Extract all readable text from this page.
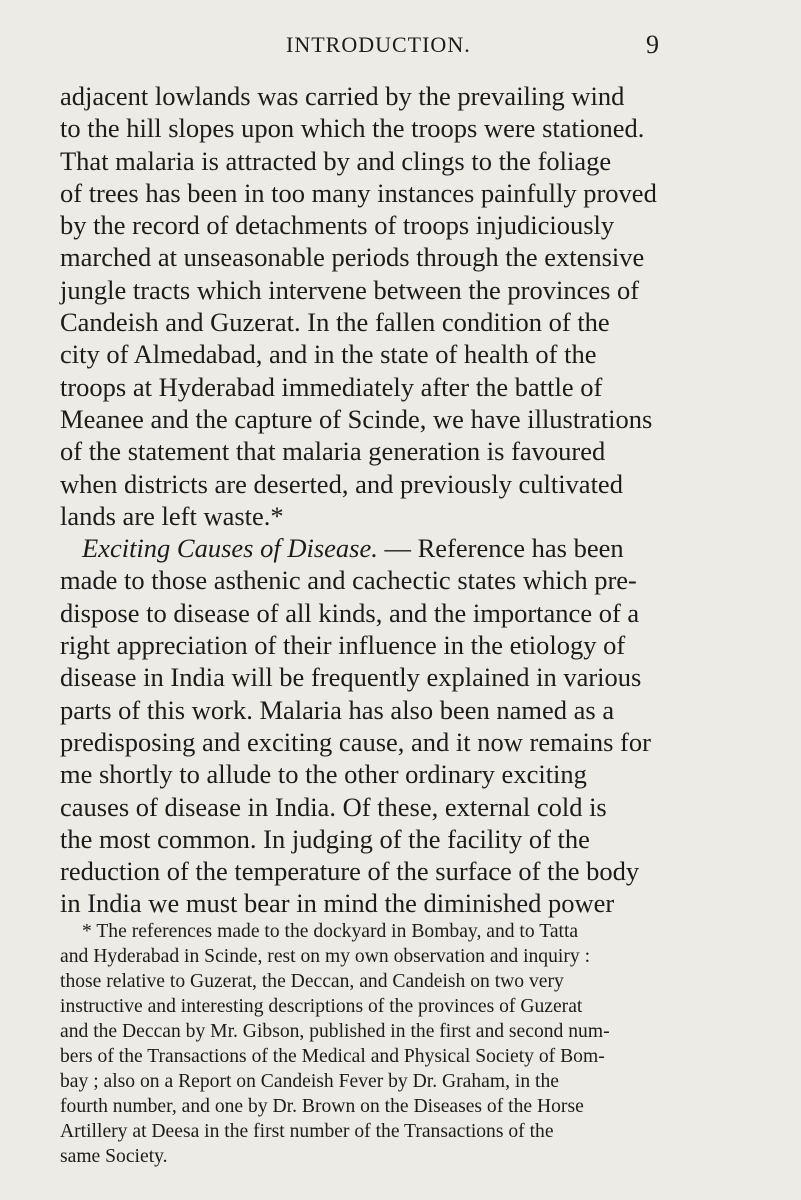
INTRODUCTION.	9
adjacent lowlands was carried by the prevailing wind
to the hill slopes upon which the troops were stationed.
That malaria is attracted by and clings to the foliage
of trees has been in too many instances painfully proved
by the record of detachments of troops injudiciously
marched at unseasonable periods through the extensive
jungle tracts which intervene between the provinces of
Candeish and Guzerat. In the fallen condition of the
city of Almedabad, and in the state of health of the
troops at Hyderabad immediately after the battle of
Meanee and the capture of Scinde, we have illustrations
of the statement that malaria generation is favoured
when districts are deserted, and previously cultivated
lands are left waste.*
Exciting Causes of Disease. — Reference has been
made to those asthenic and cachectic states which pre-
dispose to disease of all kinds, and the importance of a
right appreciation of their influence in the etiology of
disease in India will be frequently explained in various
parts of this work. Malaria has also been named as a
predisposing and exciting cause, and it now remains for
me shortly to allude to the other ordinary exciting
causes of disease in India. Of these, external cold is
the most common. In judging of the facility of the
reduction of the temperature of the surface of the body
in India we must bear in mind the diminished power
* The references made to the dockyard in Bombay, and to Tatta
and Hyderabad in Scinde, rest on my own observation and inquiry :
those relative to Guzerat, the Deccan, and Candeish on two very
instructive and interesting descriptions of the provinces of Guzerat
and the Deccan by Mr. Gibson, published in the first and second num-
bers of the Transactions of the Medical and Physical Society of Bom-
bay ; also on a Report on Candeish Fever by Dr. Graham, in the
fourth number, and one by Dr. Brown on the Diseases of the Horse
Artillery at Deesa in the first number of the Transactions of the
same Society.
